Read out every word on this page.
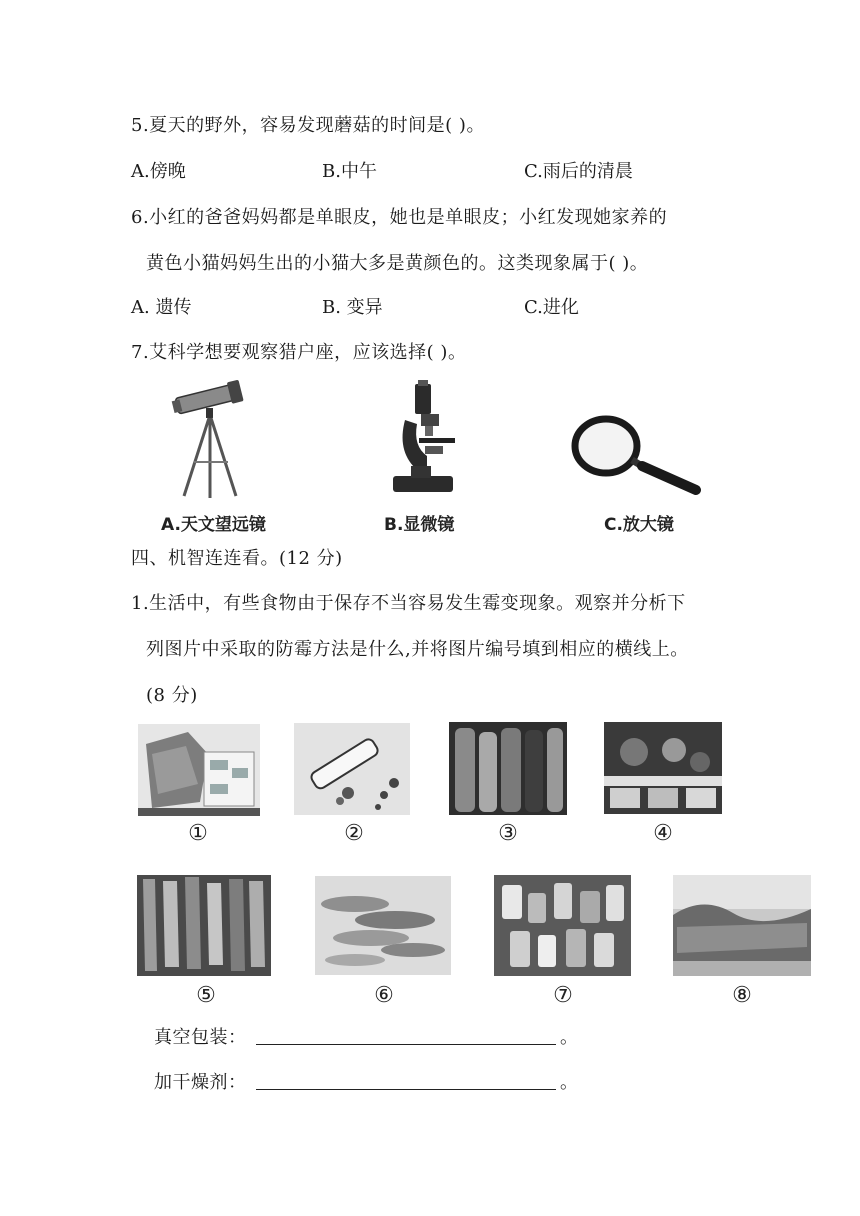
5.夏天的野外，容易发现蘑菇的时间是( )。
A.傍晚	B.中午	C.雨后的清晨
6.小红的爸爸妈妈都是单眼皮，她也是单眼皮；小红发现她家养的
黄色小猫妈妈生出的小猫大多是黄颜色的。这类现象属于( )。
A. 遗传	B. 变异	C.进化
7.艾科学想要观察猎户座，应该选择( )。
A.天文望远镜	B.显微镜	C.放大镜
四、机智连连看。(12 分)
1.生活中，有些食物由于保存不当容易发生霉变现象。观察并分析下
列图片中采取的防霉方法是什么,并将图片编号填到相应的横线上。
(8 分)
①	②	③	④
⑤	⑥	⑦	⑧
真空包装：	。
加干燥剂：	。
